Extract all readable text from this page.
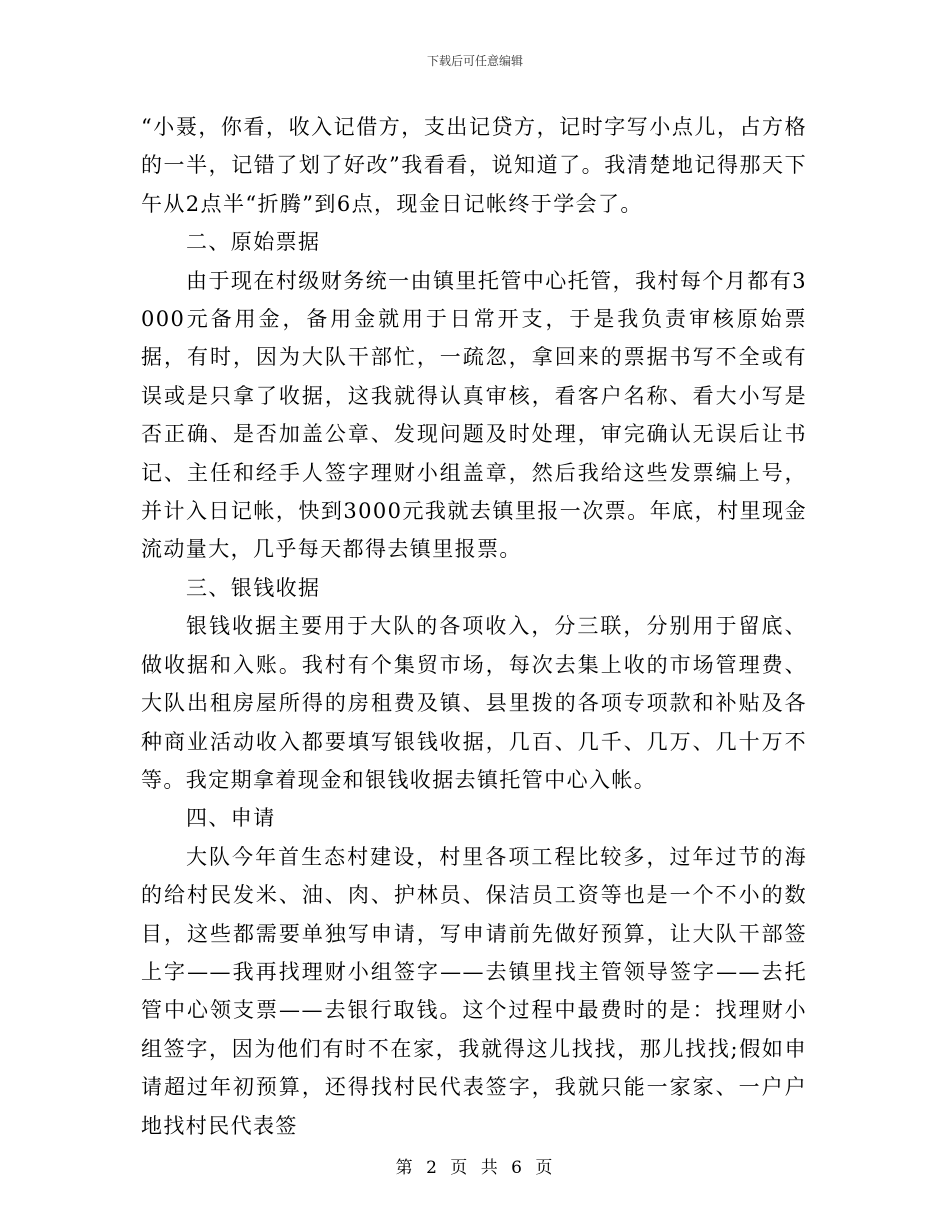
下载后可任意编辑

“小聂，你看，收入记借方，支出记贷方，记时字写小点儿，占方格的一半，记错了划了好改”我看看，说知道了。我清楚地记得那天下午从2点半“折腾”到6点，现金日记帐终于学会了。

二、原始票据

由于现在村级财务统一由镇里托管中心托管，我村每个月都有3000元备用金，备用金就用于日常开支，于是我负责审核原始票据，有时，因为大队干部忙，一疏忽，拿回来的票据书写不全或有误或是只拿了收据，这我就得认真审核，看客户名称、看大小写是否正确、是否加盖公章、发现问题及时处理，审完确认无误后让书记、主任和经手人签字理财小组盖章，然后我给这些发票编上号，并计入日记帐，快到3000元我就去镇里报一次票。年底，村里现金流动量大，几乎每天都得去镇里报票。

三、银钱收据

银钱收据主要用于大队的各项收入，分三联，分别用于留底、做收据和入账。我村有个集贸市场，每次去集上收的市场管理费、大队出租房屋所得的房租费及镇、县里拨的各项专项款和补贴及各种商业活动收入都要填写银钱收据，几百、几千、几万、几十万不等。我定期拿着现金和银钱收据去镇托管中心入帐。

四、申请

大队今年首生态村建设，村里各项工程比较多，过年过节的海的给村民发米、油、肉、护林员、保洁员工资等也是一个不小的数目，这些都需要单独写申请，写申请前先做好预算，让大队干部签上字——我再找理财小组签字——去镇里找主管领导签字——去托管中心领支票——去银行取钱。这个过程中最费时的是：找理财小组签字，因为他们有时不在家，我就得这儿找找，那儿找找;假如申请超过年初预算，还得找村民代表签字，我就只能一家家、一户户地找村民代表签

第 2 页 共 6 页
